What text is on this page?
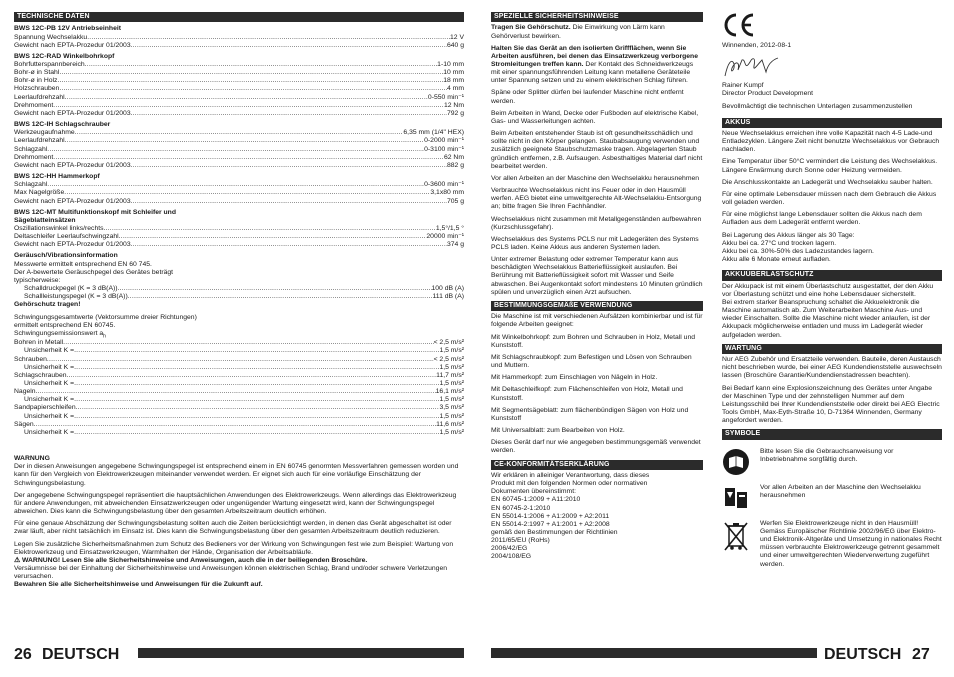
TECHNISCHE DATEN
BWS 12C-PB 12V Antriebseinheit
Spannung Wechselakku .....	12 V
Gewicht nach EPTA-Prozedur 01/2003 .....	640 g
BWS 12C-RAD Winkelbohrkopf
Bohrfutterspannbereich .....	1-10 mm
Bohr-ø in Stahl .....	10 mm
Bohr-ø in Holz .....	18 mm
Holzschrauben .....	4 mm
Leerlaufdrehzahl .....	0-550 min⁻¹
Drehmoment .....	12 Nm
Gewicht nach EPTA-Prozedur 01/2003 .....	792 g
BWS 12C-IH Schlagschrauber
Werkzeugaufnahme .....	6,35 mm (1/4" HEX)
Leerlaufdrehzahl .....	0-2000 min⁻¹
Schlagzahl .....	0-3100 min⁻¹
Drehmoment .....	62 Nm
Gewicht nach EPTA-Prozedur 01/2003 .....	882 g
BWS 12C-HH Hammerkopf
Schlagzahl .....	0-3600 min⁻¹
Max Nagelgröße .....	3,1x80 mm
Gewicht nach EPTA-Prozedur 01/2003 .....	705 g
BWS 12C-MT Multifunktionskopf mit Schleifer und Sägeblatteinsätzen
Oszillationswinkel links/rechts .....	1,5°/1,5 °
Deltaschleifer Leerlaufschwingzahl .....	20000 min⁻¹
Gewicht nach EPTA-Prozedur 01/2003 .....	374 g
Geräusch/Vibrationsinformation
Messwerte ermittelt entsprechend EN 60 745.
Der A-bewertete Geräuschpegel des Gerätes beträgt
typischerweise:
Schalldruckpegel (K = 3 dB(A)) .....	100 dB (A)
Schallleistungspegel (K = 3 dB(A)) .....	111 dB (A)
Gehörschutz tragen!
Schwingungsgesamtwerte (Vektorsumme dreier Richtungen)
ermittelt entsprechend EN 60745.
Schwingungsemissionswert $a_h$
Bohren in Metall .....	< 2,5 m/s²
Unsicherheit K = .....	1,5 m/s²
Schrauben .....	< 2,5 m/s²
Unsicherheit K = .....	1,5 m/s²
Schlagschrauben .....	11,7 m/s²
Unsicherheit K = .....	1,5 m/s²
Nageln .....	16,1 m/s²
Unsicherheit K = .....	1,5 m/s²
Sandpapierschleifen .....	3,5 m/s²
Unsicherheit K = .....	1,5 m/s²
Sägen .....	11,6 m/s²
Unsicherheit K = .....	1,5 m/s²
WARNUNG

Der in diesen Anweisungen angegebene Schwingungspegel ist entsprechend einem in EN 60745 genormten Messverfahren gemessen worden und kann für den Vergleich von Elektrowerkzeugen miteinander verwendet werden. Er eignet sich auch für eine vorläufige Einschätzung der Schwingungsbelastung.

Der angegebene Schwingungspegel repräsentiert die hauptsächlichen Anwendungen des Elektrowerkzeugs. Wenn allerdings das Elektrowerkzeug für andere Anwendungen, mit abweichenden Einsatzwerkzeugen oder ungenügender Wartung eingesetzt wird, kann der Schwingungspegel abweichen. Dies kann die Schwingungsbelastung über den gesamten Arbeitszeitraum deutlich erhöhen.

Für eine genaue Abschätzung der Schwingungsbelastung sollten auch die Zeiten berücksichtigt werden, in denen das Gerät abgeschaltet ist oder zwar läuft, aber nicht tatsächlich im Einsatz ist. Dies kann die Schwingungsbelastung über den gesamten Arbeitszeitraum deutlich reduzieren.

Legen Sie zusätzliche Sicherheitsmaßnahmen zum Schutz des Bedieners vor der Wirkung von Schwingungen fest wie zum Beispiel: Wartung von Elektrowerkzeug und Einsatzwerkzeugen, Warmhalten der Hände, Organisation der Arbeitsabläufe.

⚠ WARNUNG! Lesen Sie alle Sicherheitshinweise und Anweisungen, auch die in der beiliegenden Broschüre.
Versäumnisse bei der Einhaltung der Sicherheitshinweise und Anweisungen können elektrischen Schlag, Brand und/oder schwere Verletzungen verursachen.
Bewahren Sie alle Sicherheitshinweise und Anweisungen für die Zukunft auf.
SPEZIELLE SICHERHEITSHINWEISE

Tragen Sie Gehörschutz. Die Einwirkung von Lärm kann Gehörverlust bewirken.

Halten Sie das Gerät an den isolierten Griffflächen, wenn Sie Arbeiten ausführen, bei denen das Einsatzwerkzeug verborgene Stromleitungen treffen kann. Der Kontakt des Schneidwerkzeugs mit einer spannungsführenden Leitung kann metallene Geräteteile unter Spannung setzen und zu einem elektrischen Schlag führen.

Späne oder Splitter dürfen bei laufender Maschine nicht entfernt werden.

Beim Arbeiten in Wand, Decke oder Fußboden auf elektrische Kabel, Gas- und Wasserleitungen achten.

Beim Arbeiten entstehender Staub ist oft gesundheitsschädlich und sollte nicht in den Körper gelangen. Staubabsaugung verwenden und zusätzlich geeignete Staubschutzmaske tragen. Abgelagerten Staub gründlich entfernen, z.B. Aufsaugen. Asbesthaltiges Material darf nicht bearbeitet werden.

Vor allen Arbeiten an der Maschine den Wechselakku herausnehmen

Verbrauchte Wechselakkus nicht ins Feuer oder in den Hausmüll werfen. AEG bietet eine umweltgerechte Alt-Wechselakku-Entsorgung an; bitte fragen Sie Ihren Fachhändler.

Wechselakkus nicht zusammen mit Metallgegenständen aufbewahren (Kurzschlussgefahr).

Wechselakkus des Systems PCLS nur mit Ladegeräten des Systems PCLS laden. Keine Akkus aus anderen Systemen laden.

Unter extremer Belastung oder extremer Temperatur kann aus beschädigten Wechselakkus Batterieflüssigkeit auslaufen. Bei Berührung mit Batterieflüssigkeit sofort mit Wasser und Seife abwaschen. Bei Augenkontakt sofort mindestens 10 Minuten gründlich spülen und unverzüglich einen Arzt aufsuchen.

BESTIMMUNGSGEMÄßE VERWENDUNG

Die Maschine ist mit verschiedenen Aufsätzen kombinierbar und ist für folgende Arbeiten geeignet:

Mit Winkelbohrkopf: zum Bohren und Schrauben in Holz, Metall und Kunststoff.

Mit Schlagschraubkopf: zum Befestigen und Lösen von Schrauben und Muttern.

Mit Hammerkopf: zum Einschlagen von Nägeln in Holz.

Mit Deltaschleifkopf: zum Flächenschleifen von Holz, Metall und Kunststoff.

Mit Segmentsägeblatt: zum flächenbündigen Sägen von Holz und Kunststoff

Mit Universalblatt: zum Bearbeiten von Holz.

Dieses Gerät darf nur wie angegeben bestimmungsgemäß verwendet werden.

CE-KONFORMITÄTSERKLÄRUNG
Wir erklären in alleiniger Verantwortung, dass dieses
Produkt mit den folgenden Normen oder normativen
Dokumenten übereinstimmt:
EN 60745-1:2009 + A11:2010
EN 60745-2-1:2010
EN 55014-1:2006 + A1:2009 + A2:2011
EN 55014-2:1997 + A1:2001 + A2:2008
gemäß den Bestimmungen der Richtlinien
2011/65/EU (RoHs)
2006/42/EG
2004/108/EG
Winnenden, 2012-08-1
Rainer Kumpf
Director Product Development
Bevollmächtigt die technischen Unterlagen zusammenzustellen
AKKUS

Neue Wechselakkus erreichen ihre volle Kapazität nach 4-5 Lade-und Entladezyklen. Längere Zeit nicht benutzte Wechselakkus vor Gebrauch nachladen.

Eine Temperatur über 50°C vermindert die Leistung des Wechselakkus. Längere Erwärmung durch Sonne oder Heizung vermeiden.

Die Anschlusskontakte an Ladegerät und Wechselakku sauber halten.

Für eine optimale Lebensdauer müssen nach dem Gebrauch die Akkus voll geladen werden.

Für eine möglichst lange Lebensdauer sollten die Akkus nach dem Aufladen aus dem Ladegerät entfernt werden.

Bei Lagerung des Akkus länger als 30 Tage:
Akku bei ca. 27°C und trocken lagern.
Akku bei ca. 30%-50% des Ladezustandes lagern.
Akku alle 6 Monate erneut aufladen.

AKKUÜBERLASTSCHUTZ

Der Akkupack ist mit einem Überlastschutz ausgestattet, der den Akku vor Überlastung schützt und eine hohe Lebensdauer sicherstellt.
Bei extrem starker Beanspruchung schaltet die Akkuelektronik die Maschine automatisch ab. Zum Weiterarbeiten Maschine Aus- und wieder Einschalten. Sollte die Maschine nicht wieder anlaufen, ist der Akkupack möglicherweise entladen und muss im Ladegerät wieder aufgeladen werden.

WARTUNG

Nur AEG Zubehör und Ersatzteile verwenden. Bauteile, deren Austausch nicht beschrieben wurde, bei einer AEG Kundendienststelle auswechseln lassen (Broschüre Garantie/Kundendienstadressen beachten).

Bei Bedarf kann eine Explosionszeichnung des Gerätes unter Angabe der Maschinen Type und der zehnstelligen Nummer auf dem Leistungsschild bei Ihrer Kundendienststelle oder direkt bei AEG Electric Tools GmbH, Max-Eyth-Straße 10, D-71364 Winnenden, Germany angefordert werden.

SYMBOLE
Bitte lesen Sie die Gebrauchsanweisung vor Inbetriebnahme sorgfältig durch.
Vor allen Arbeiten an der Maschine den Wechselakku herausnehmen
Werfen Sie Elektrowerkzeuge nicht in den Hausmüll! Gemäss Europäischer Richtlinie 2002/96/EG über Elektro- und Elektronik-Altgeräte und Umsetzung in nationales Recht müssen verbrauchte Elektrowerkzeuge getrennt gesammelt und einer umweltgerechten Wiederverwertung zugeführt werden.
26 DEUTSCH	DEUTSCH 27
